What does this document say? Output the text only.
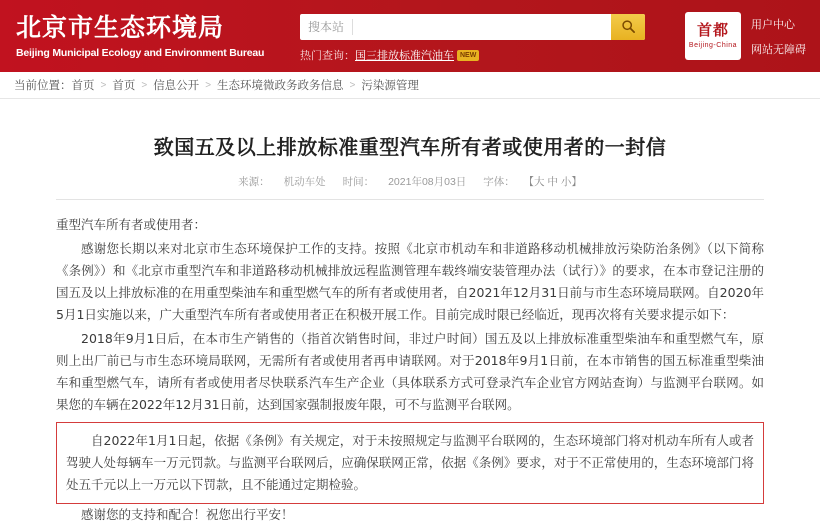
北京市生态环境局
Beijing Municipal Ecology and Environment Bureau
搜本站
热门查询：国三排放标准汽油车 NEW
首都
Beijing-China
用户中心
网站无障碍
当前位置： 首页 > 首页 > 信息公开 > 生态环境微政务政务信息 > 污染源管理
致国五及以上排放标准重型汽车所有者或使用者的一封信
来源： 机动车处 时间： 2021年08月03日 字体： 【大 中 小】

重型汽车所有者或使用者：

感谢您长期以来对北京市生态环境保护工作的支持。按照《北京市机动车和非道路移动机械排放污染防治条例》（以下简称《条例》）和《北京市重型汽车和非道路移动机械排放远程监测管理车载终端安装管理办法（试行）》的要求，在本市登记注册的国五及以上排放标准的在用重型柴油车和重型燃气车的所有者或使用者，自2021年12月31日前与市生态环境局联网。自2020年5月1日实施以来，广大重型汽车所有者或使用者正在积极开展工作。目前完成时限已经临近，现再次将有关要求提示如下：

2018年9月1日后，在本市生产销售的（指首次销售时间，非过户时间）国五及以上排放标准重型柴油车和重型燃气车，原则上出厂前已与市生态环境局联网，无需所有者或使用者再申请联网。对于2018年9月1日前，在本市销售的国五标准重型柴油车和重型燃气车，请所有者或使用者尽快联系汽车生产企业（具体联系方式可登录汽车企业官方网站查询）与监测平台联网。如果您的车辆在2022年12月31日前，达到国家强制报废年限，可不与监测平台联网。

自2022年1月1日起，依据《条例》有关规定，对于未按照规定与监测平台联网的，生态环境部门将对机动车所有人或者驾驶人处每辆车一万元罚款。与监测平台联网后，应确保联网正常，依据《条例》要求，对于不正常使用的，生态环境部门将处五千元以上一万元以下罚款，且不能通过定期检验。

感谢您的支持和配合！祝您出行平安！
